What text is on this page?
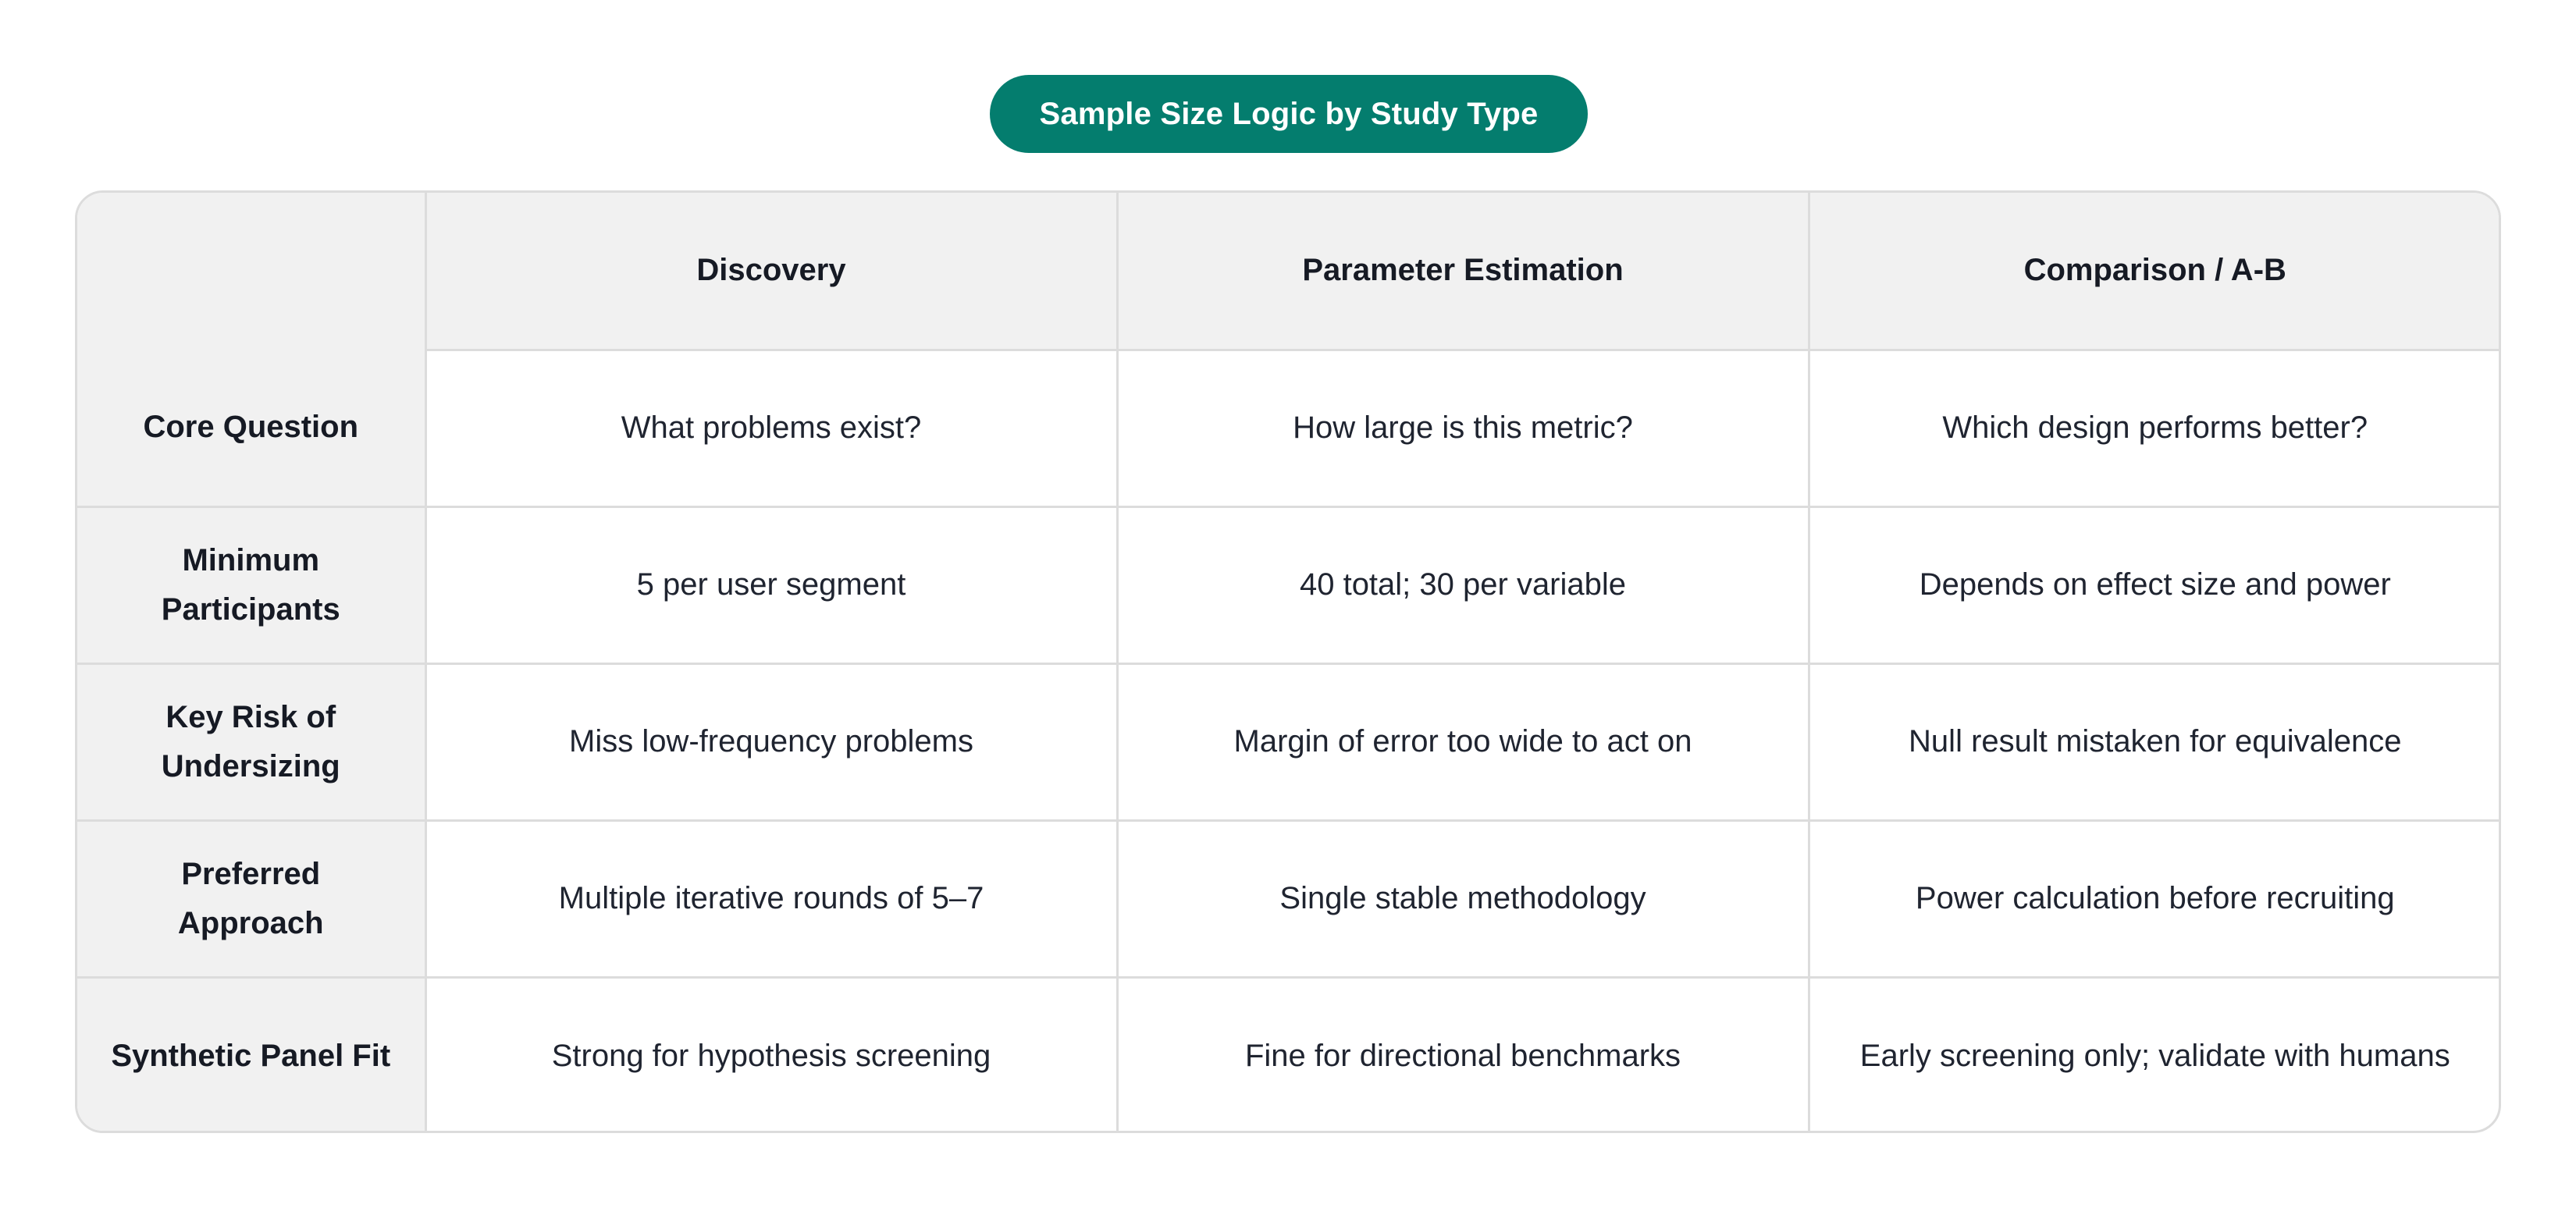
Sample Size Logic by Study Type
	Discovery	Parameter Estimation	Comparison / A-B
Core Question	What problems exist?	How large is this metric?	Which design performs better?
Minimum Participants	5 per user segment	40 total; 30 per variable	Depends on effect size and power
Key Risk of Undersizing	Miss low-frequency problems	Margin of error too wide to act on	Null result mistaken for equivalence
Preferred Approach	Multiple iterative rounds of 5–7	Single stable methodology	Power calculation before recruiting
Synthetic Panel Fit	Strong for hypothesis screening	Fine for directional benchmarks	Early screening only; validate with humans
